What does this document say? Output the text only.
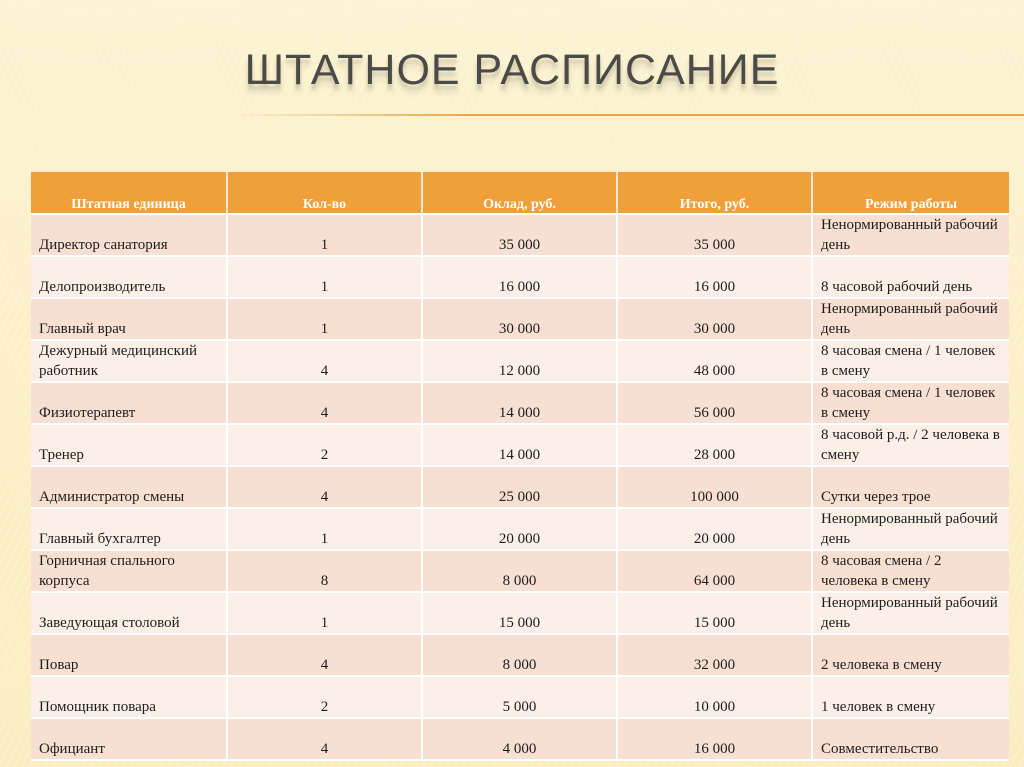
ШТАТНОЕ РАСПИСАНИЕ
Штатная единица	Кол-во	Оклад, руб.	Итого, руб.	Режим работы

Директор санатория	1	35 000	35 000	Ненормированный рабочий день
Делопроизводитель	1	16 000	16 000	8 часовой рабочий день
Главный врач	1	30 000	30 000	Ненормированный рабочий день
Дежурный медицинский работник	4	12 000	48 000	8 часовая смена / 1 человек в смену
Физиотерапевт	4	14 000	56 000	8 часовая смена / 1 человек в смену
Тренер	2	14 000	28 000	8 часовой р.д. / 2 человека в смену
Администратор смены	4	25 000	100 000	Сутки через трое
Главный бухгалтер	1	20 000	20 000	Ненормированный рабочий день
Горничная спального корпуса	8	8 000	64 000	8 часовая смена / 2 человека в смену
Заведующая столовой	1	15 000	15 000	Ненормированный рабочий день
Повар	4	8 000	32 000	2 человека в смену
Помощник повара	2	5 000	10 000	1 человек в смену
Официант	4	4 000	16 000	Совместительство
